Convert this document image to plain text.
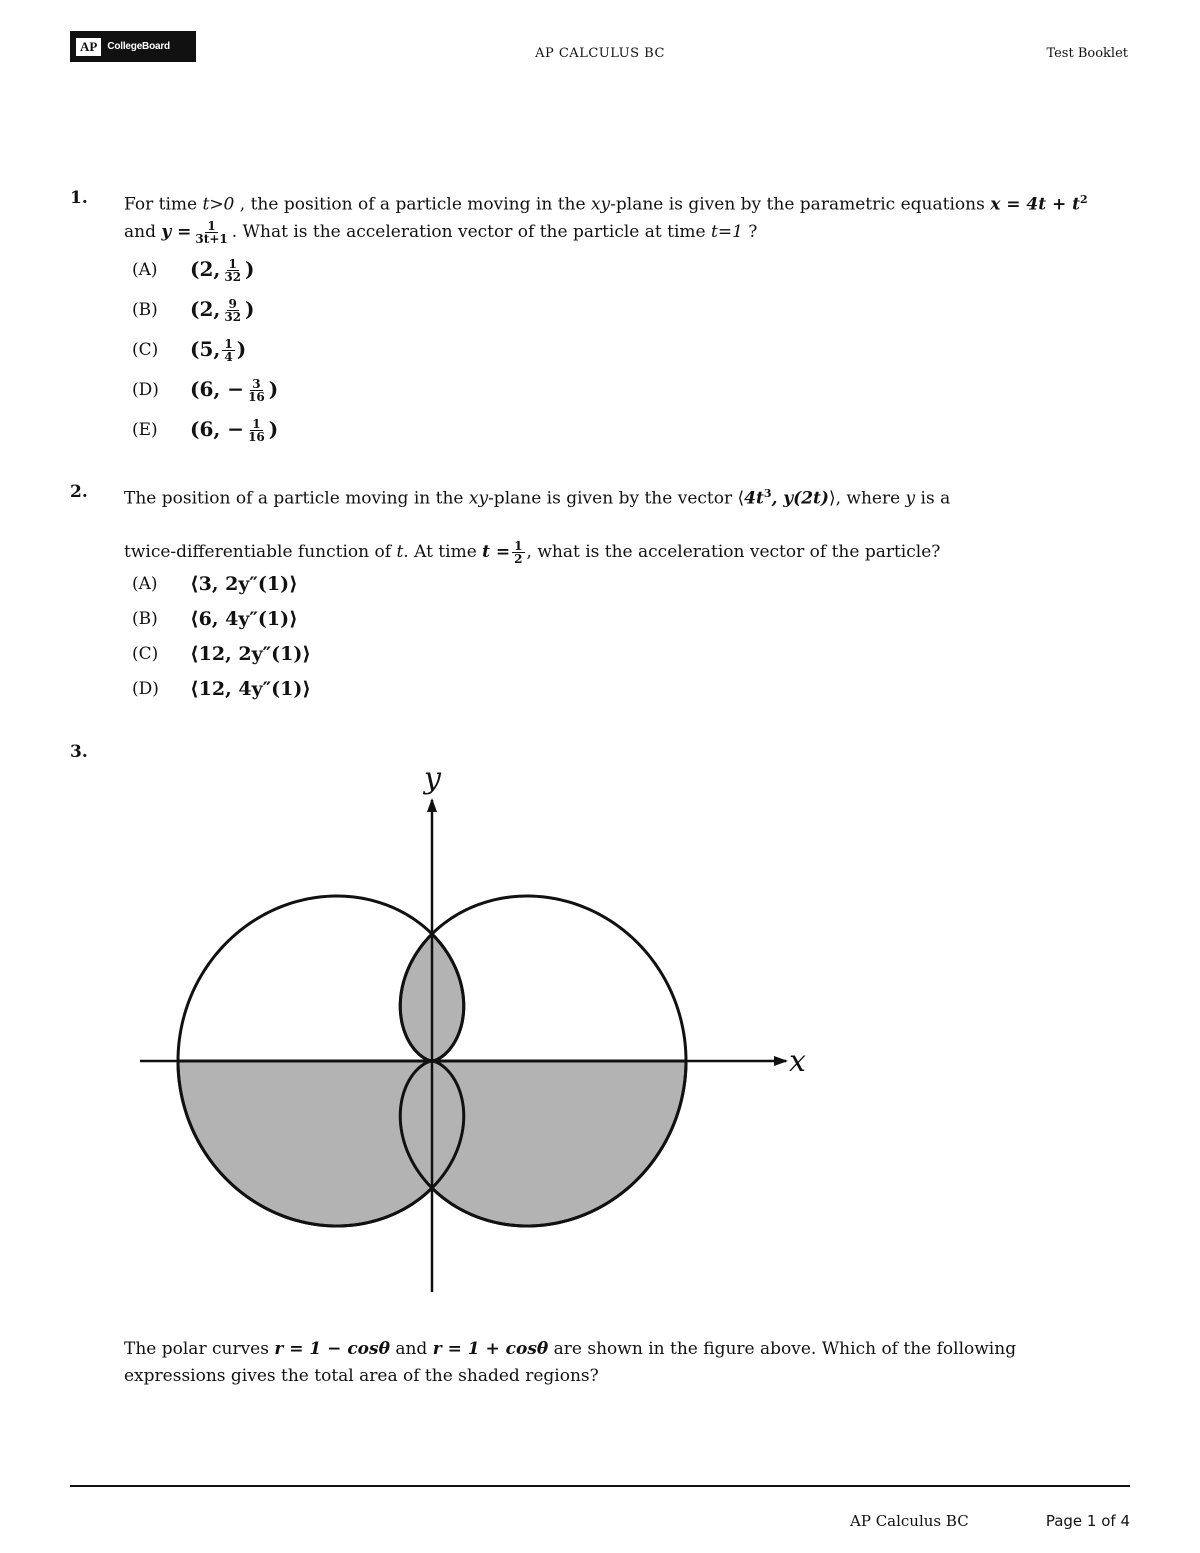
AP	CollegeBoard	AP CALCULUS BC	Test Booklet
1. For time t>0 , the position of a particle moving in the xy-plane is given by the parametric equations $x = 4t + t^2$
and $y = \frac{1}{3t+1}$ . What is the acceleration vector of the particle at time t=1 ?
(A)	(2, $\frac{1}{32}$ )
(B)	(2, $\frac{9}{32}$ )
(C)	(5, $\frac{1}{4}$ )
(D)	(6, − $\frac{3}{16}$ )
(E)	(6, − $\frac{1}{16}$ )
2. The position of a particle moving in the xy-plane is given by the vector $⟨4t^3$, y(2t)⟩, where y is a
twice-differentiable function of t. At time $t = \frac{1}{2}$ , what is the acceleration vector of the particle?
(A)	⟨3, 2y″(1)⟩
(B)	⟨6, 4y″(1)⟩
(C)	⟨12, 2y″(1)⟩
(D)	⟨12, 4y″(1)⟩
3.
y
x
The polar curves r = 1 − cosθ and r = 1 + cosθ are shown in the figure above. Which of the following
expressions gives the total area of the shaded regions?
AP Calculus BC	Page 1 of 4
